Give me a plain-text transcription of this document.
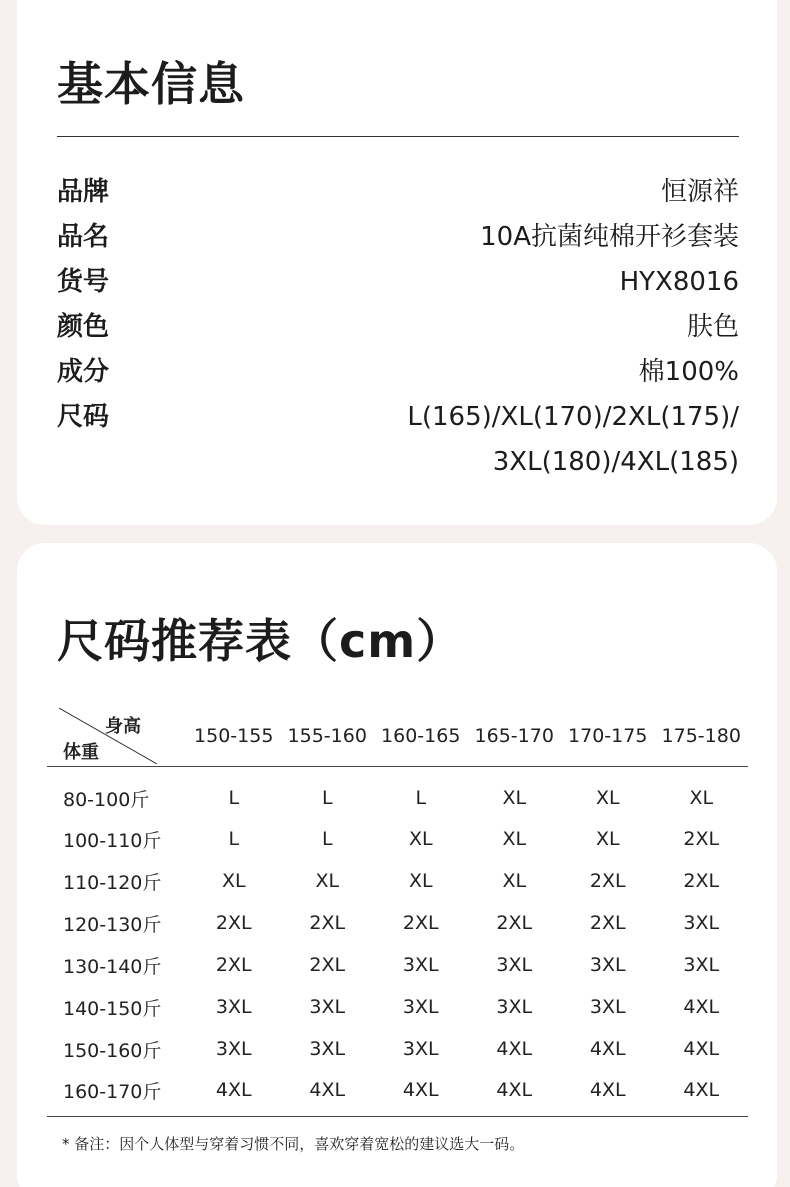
基本信息
品牌	恒源祥
品名	10A抗菌纯棉开衫套装
货号	HYX8016
颜色	肤色
成分	棉100%
尺码	L(165)/XL(170)/2XL(175)/
3XL(180)/4XL(185)
尺码推荐表（cm）
身高
体重	150-155	155-160	160-165	165-170	170-175	175-180
80-100斤	L	L	L	XL	XL	XL
100-110斤	L	L	XL	XL	XL	2XL
110-120斤	XL	XL	XL	XL	2XL	2XL
120-130斤	2XL	2XL	2XL	2XL	2XL	3XL
130-140斤	2XL	2XL	3XL	3XL	3XL	3XL
140-150斤	3XL	3XL	3XL	3XL	3XL	4XL
150-160斤	3XL	3XL	3XL	4XL	4XL	4XL
160-170斤	4XL	4XL	4XL	4XL	4XL	4XL
* 备注：因个人体型与穿着习惯不同，喜欢穿着宽松的建议选大一码。
